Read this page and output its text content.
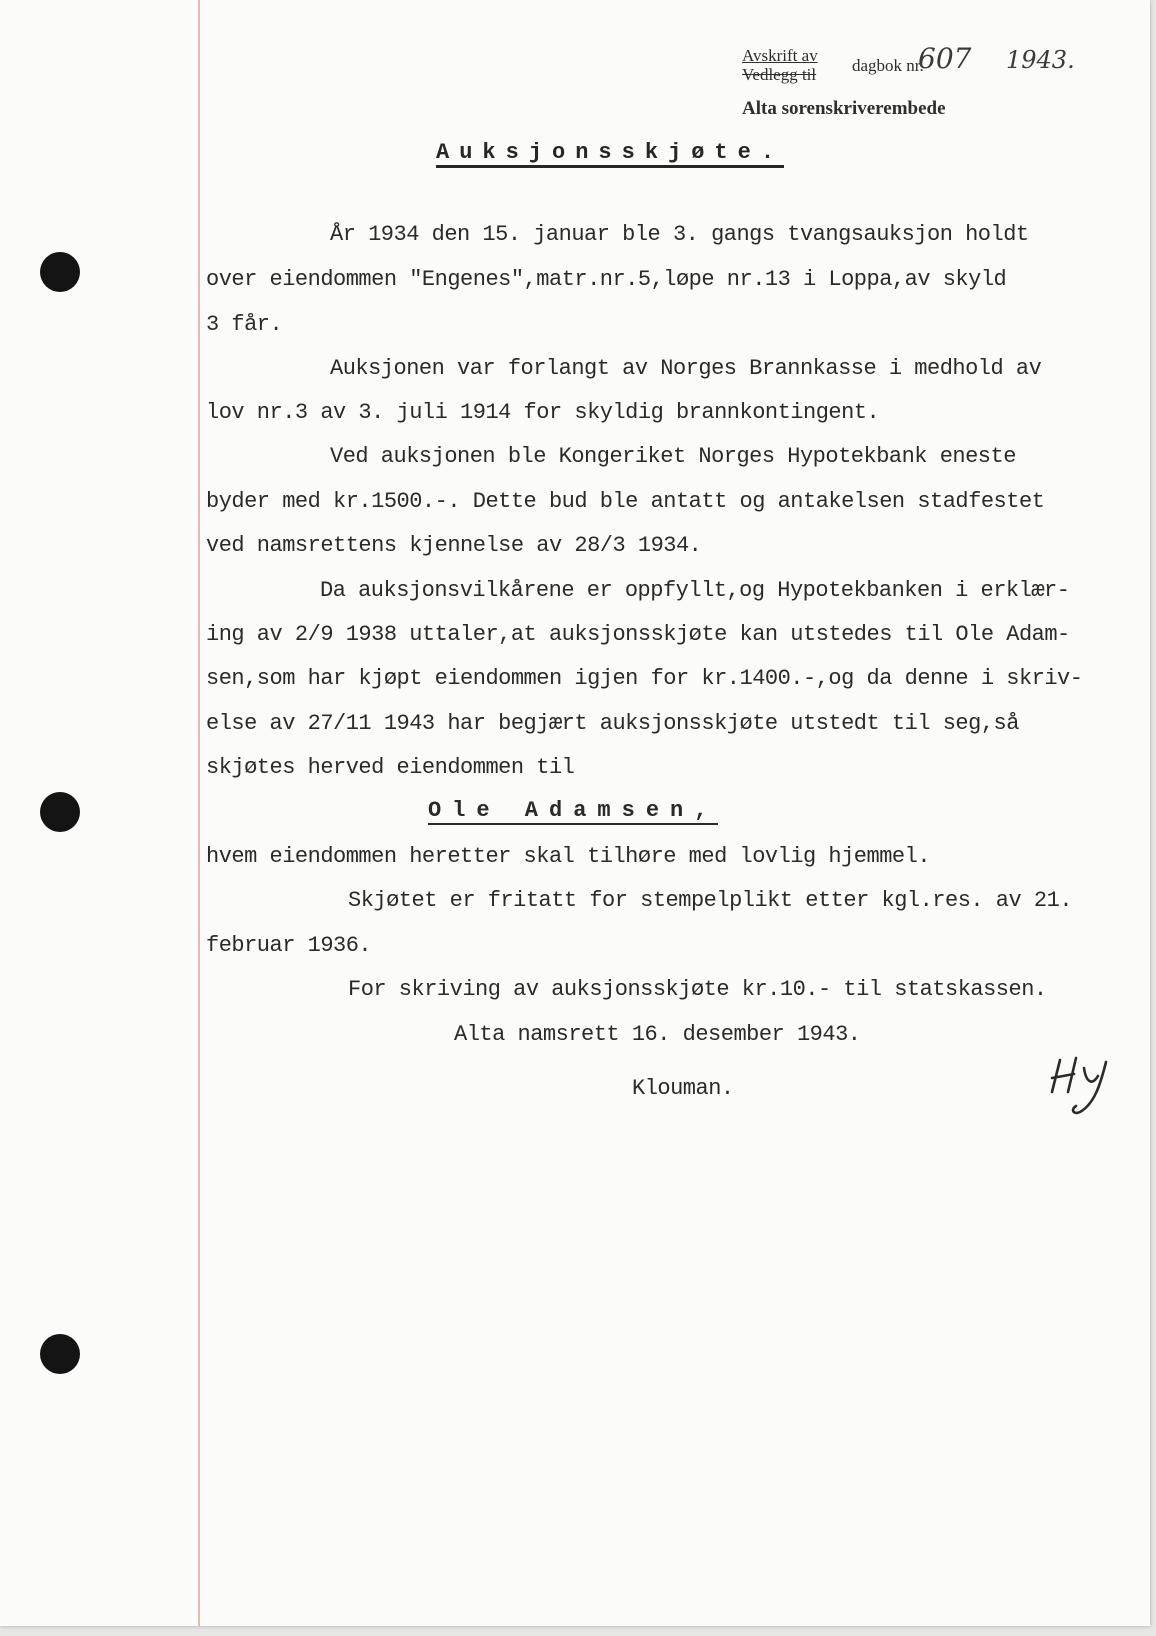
Avskrift av
Vedlegg til dagbok nr.
607 1943.
Alta sorenskriverembede
Auksjonsskjøte.
År 1934 den 15. januar ble 3. gangs tvangsauksjon holdt
over eiendommen "Engenes",matr.nr.5,løpe nr.13 i Loppa,av skyld
3 får.
Auksjonen var forlangt av Norges Brannkasse i medhold av
lov nr.3 av 3. juli 1914 for skyldig brannkontingent.
Ved auksjonen ble Kongeriket Norges Hypotekbank eneste
byder med kr.1500.-. Dette bud ble antatt og antakelsen stadfestet
ved namsrettens kjennelse av 28/3 1934.
Da auksjonsvilkårene er oppfyllt,og Hypotekbanken i erklær-
ing av 2/9 1938 uttaler,at auksjonsskjøte kan utstedes til Ole Adam-
sen,som har kjøpt eiendommen igjen for kr.1400.-,og da denne i skriv-
else av 27/11 1943 har begjært auksjonsskjøte utstedt til seg,så
skjøtes herved eiendommen til
Ole Adamsen,
hvem eiendommen heretter skal tilhøre med lovlig hjemmel.
Skjøtet er fritatt for stempelplikt etter kgl.res. av 21.
februar 1936.
For skriving av auksjonsskjøte kr.10.- til statskassen.
Alta namsrett 16. desember 1943.
Klouman.
